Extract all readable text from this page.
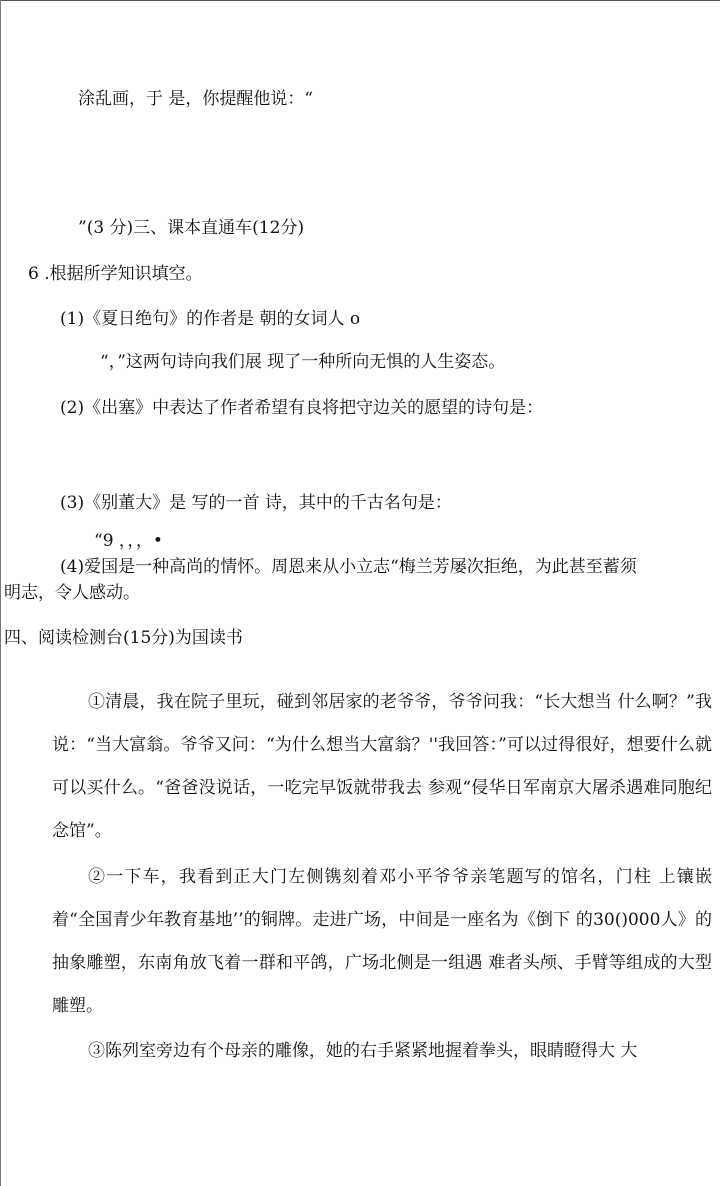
涂乱画，于 是，你提醒他说：“
”(3 分)三、课本直通车(12分)
6 .根据所学知识填空。
(1)《夏日绝句》的作者是 朝的女词人 o
“，”这两句诗向我们展 现了一种所向无惧的人生姿态。
(2)《出塞》中表达了作者希望有良将把守边关的愿望的诗句是：
(3)《别董大》是 写的一首 诗，其中的千古名句是：
“9 ，，，•
(4)爱国是一种高尚的情怀。周恩来从小立志“梅兰芳屡次拒绝，为此甚至蓄须
明志，令人感动。
四、阅读检测台(15分)为国读书
①清晨，我在院子里玩，碰到邻居家的老爷爷，爷爷问我：“长大想当 什么啊？”我说：“当大富翁。爷爷又问：“为什么想当大富翁？''我回答：”可以过得很好，想要什么就可以买什么。“爸爸没说话，一吃完早饭就带我去 参观“侵华日军南京大屠杀遇难同胞纪念馆”。
②一下车，我看到正大门左侧镌刻着邓小平爷爷亲笔题写的馆名，门柱 上镶嵌着“全国青少年教育基地’’的铜牌。走进广场，中间是一座名为《倒下 的30()000人》的抽象雕塑，东南角放飞着一群和平鸽，广场北侧是一组遇 难者头颅、手臂等组成的大型雕塑。
③陈列室旁边有个母亲的雕像，她的右手紧紧地握着拳头，眼睛瞪得大 大
